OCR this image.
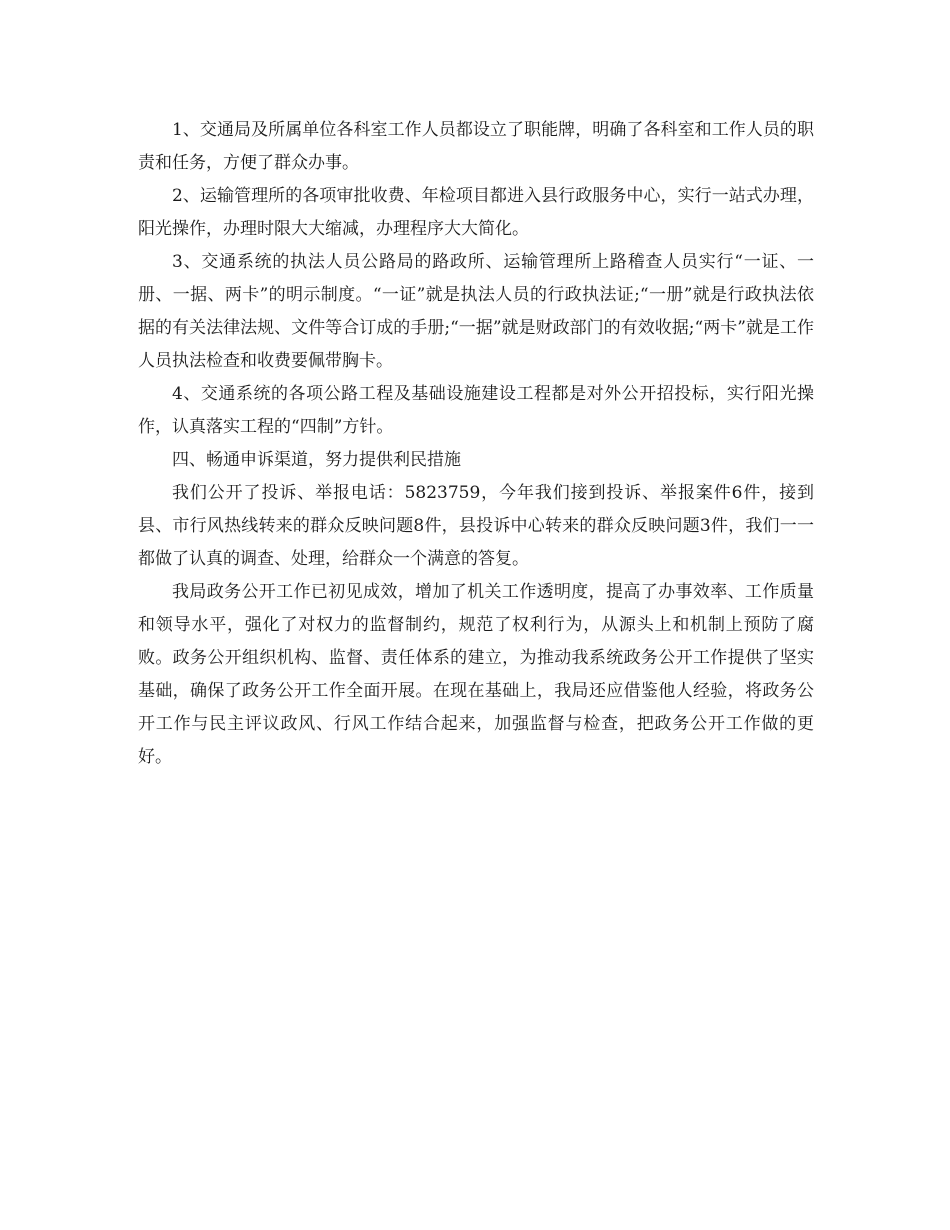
1、交通局及所属单位各科室工作人员都设立了职能牌，明确了各科室和工作人员的职责和任务，方便了群众办事。

2、运输管理所的各项审批收费、年检项目都进入县行政服务中心，实行一站式办理，阳光操作，办理时限大大缩减，办理程序大大简化。

3、交通系统的执法人员公路局的路政所、运输管理所上路稽查人员实行“一证、一册、一据、两卡”的明示制度。“一证”就是执法人员的行政执法证;“一册”就是行政执法依据的有关法律法规、文件等合订成的手册;“一据”就是财政部门的有效收据;“两卡”就是工作人员执法检查和收费要佩带胸卡。

4、交通系统的各项公路工程及基础设施建设工程都是对外公开招投标，实行阳光操作，认真落实工程的“四制”方针。

四、畅通申诉渠道，努力提供利民措施

我们公开了投诉、举报电话：5823759，今年我们接到投诉、举报案件6件，接到县、市行风热线转来的群众反映问题8件，县投诉中心转来的群众反映问题3件，我们一一都做了认真的调查、处理，给群众一个满意的答复。

我局政务公开工作已初见成效，增加了机关工作透明度，提高了办事效率、工作质量和领导水平，强化了对权力的监督制约，规范了权利行为，从源头上和机制上预防了腐败。政务公开组织机构、监督、责任体系的建立，为推动我系统政务公开工作提供了坚实基础，确保了政务公开工作全面开展。在现在基础上，我局还应借鉴他人经验，将政务公开工作与民主评议政风、行风工作结合起来，加强监督与检查，把政务公开工作做的更好。
